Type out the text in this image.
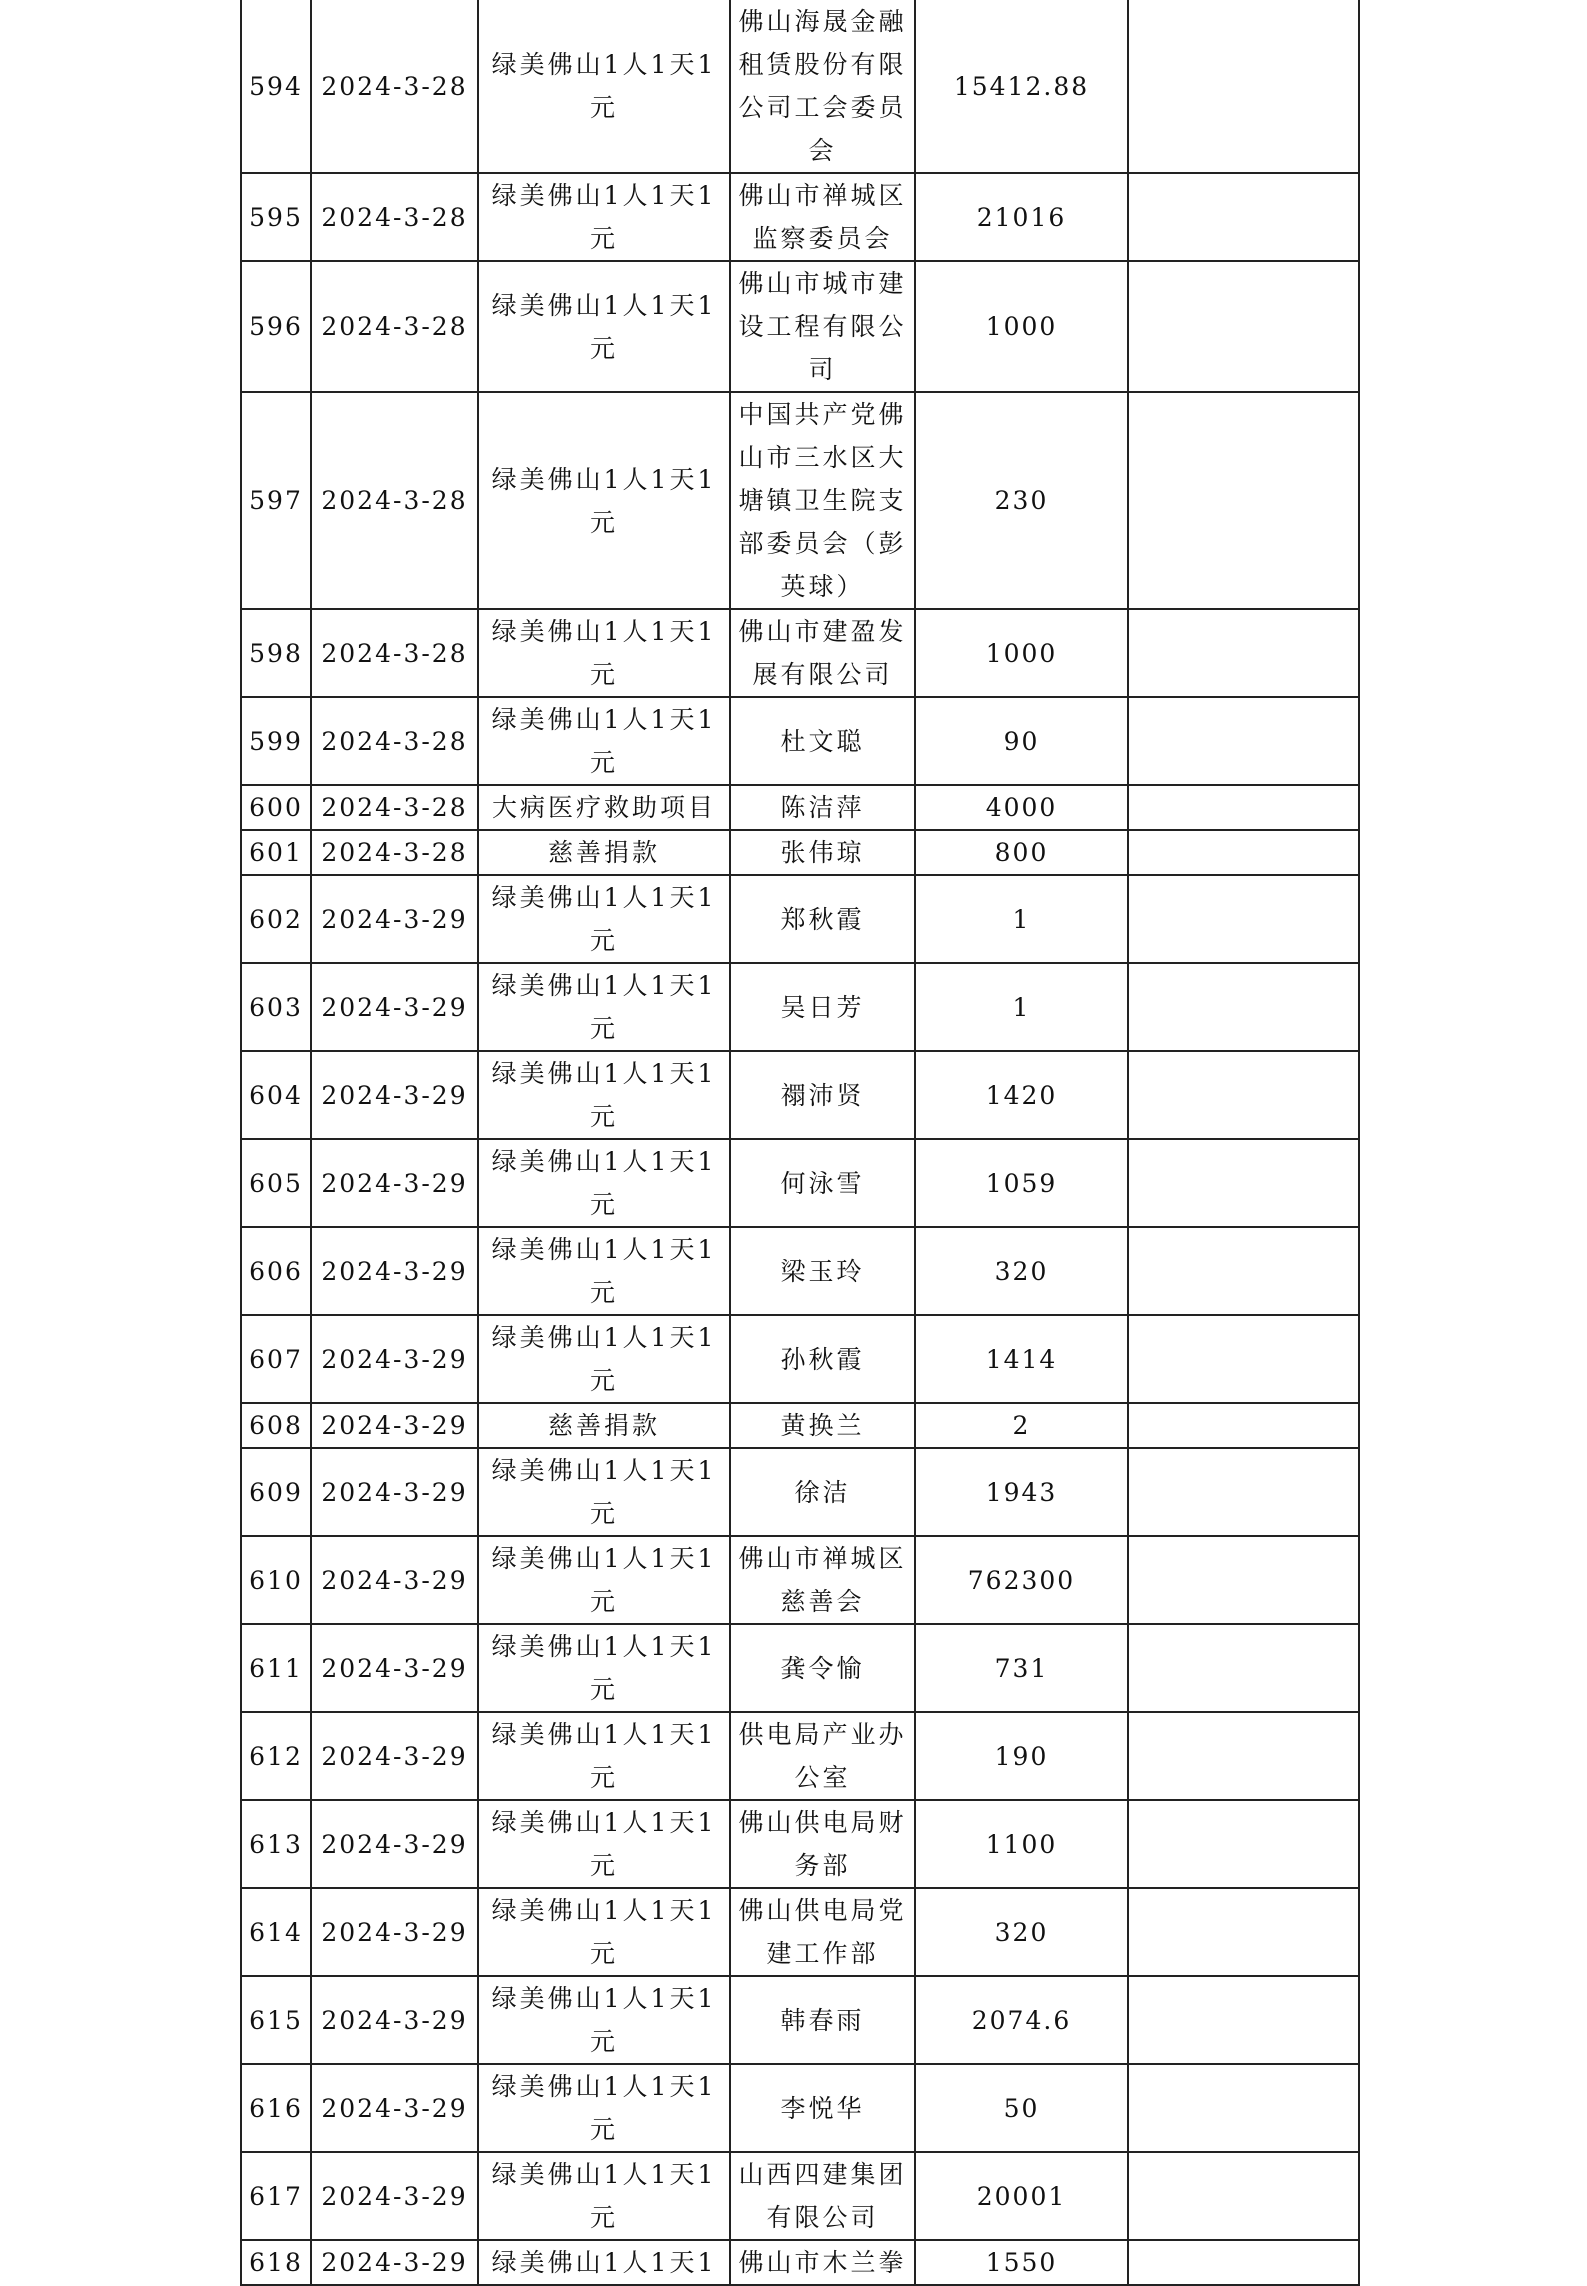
594	2024-3-28	绿美佛山1人1天1元	佛山海晟金融租赁股份有限公司工会委员会	15412.88	
595	2024-3-28	绿美佛山1人1天1元	佛山市禅城区监察委员会	21016	
596	2024-3-28	绿美佛山1人1天1元	佛山市城市建设工程有限公司	1000	
597	2024-3-28	绿美佛山1人1天1元	中国共产党佛山市三水区大塘镇卫生院支部委员会（彭英球）	230	
598	2024-3-28	绿美佛山1人1天1元	佛山市建盈发展有限公司	1000	
599	2024-3-28	绿美佛山1人1天1元	杜文聪	90	
600	2024-3-28	大病医疗救助项目	陈洁萍	4000	
601	2024-3-28	慈善捐款	张伟琼	800	
602	2024-3-29	绿美佛山1人1天1元	郑秋霞	1	
603	2024-3-29	绿美佛山1人1天1元	吴日芳	1	
604	2024-3-29	绿美佛山1人1天1元	禤沛贤	1420	
605	2024-3-29	绿美佛山1人1天1元	何泳雪	1059	
606	2024-3-29	绿美佛山1人1天1元	梁玉玲	320	
607	2024-3-29	绿美佛山1人1天1元	孙秋霞	1414	
608	2024-3-29	慈善捐款	黄换兰	2	
609	2024-3-29	绿美佛山1人1天1元	徐洁	1943	
610	2024-3-29	绿美佛山1人1天1元	佛山市禅城区慈善会	762300	
611	2024-3-29	绿美佛山1人1天1元	龚令愉	731	
612	2024-3-29	绿美佛山1人1天1元	供电局产业办公室	190	
613	2024-3-29	绿美佛山1人1天1元	佛山供电局财务部	1100	
614	2024-3-29	绿美佛山1人1天1元	佛山供电局党建工作部	320	
615	2024-3-29	绿美佛山1人1天1元	韩春雨	2074.6	
616	2024-3-29	绿美佛山1人1天1元	李悦华	50	
617	2024-3-29	绿美佛山1人1天1元	山西四建集团有限公司	20001	
618	2024-3-29	绿美佛山1人1天1	佛山市木兰拳	1550	
